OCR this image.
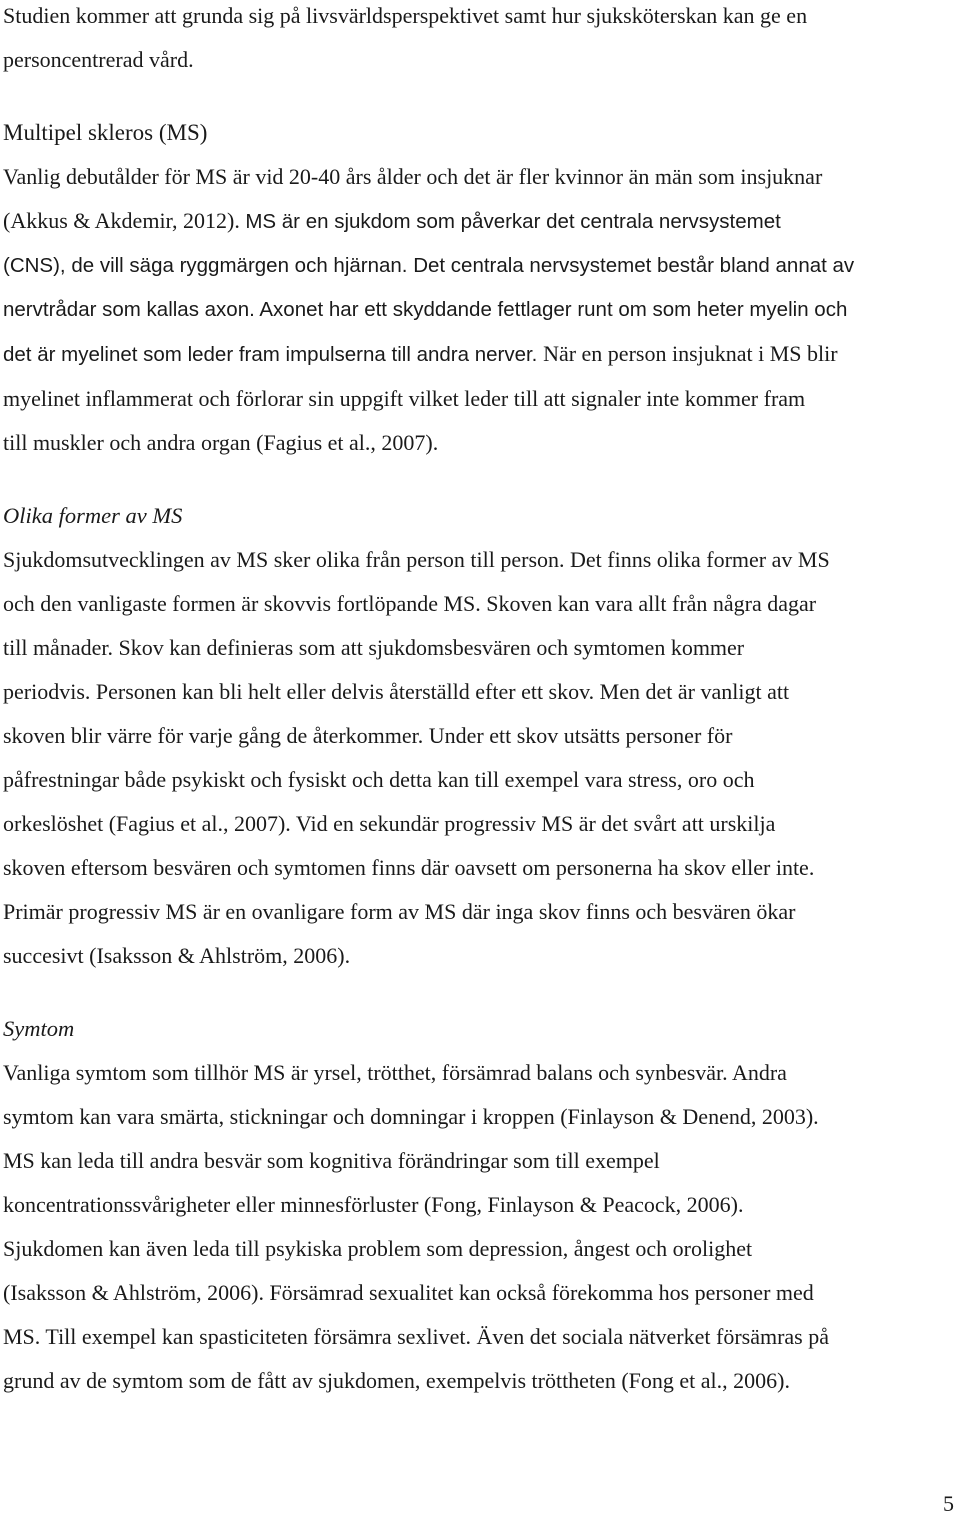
Studien kommer att grunda sig på livsvärldsperspektivet samt hur sjuksköterskan kan ge en
personcentrerad vård.
Multipel skleros (MS)
Vanlig debutålder för MS är vid 20-40 års ålder och det är fler kvinnor än män som insjuknar
(Akkus & Akdemir, 2012). MS är en sjukdom som påverkar det centrala nervsystemet
(CNS), de vill säga ryggmärgen och hjärnan. Det centrala nervsystemet består bland annat av
nervtrådar som kallas axon. Axonet har ett skyddande fettlager runt om som heter myelin och
det är myelinet som leder fram impulserna till andra nerver. När en person insjuknat i MS blir
myelinet inflammerat och förlorar sin uppgift vilket leder till att signaler inte kommer fram
till muskler och andra organ (Fagius et al., 2007).
Olika former av MS
Sjukdomsutvecklingen av MS sker olika från person till person. Det finns olika former av MS
och den vanligaste formen är skovvis fortlöpande MS. Skoven kan vara allt från några dagar
till månader. Skov kan definieras som att sjukdomsbesvären och symtomen kommer
periodvis. Personen kan bli helt eller delvis återställd efter ett skov. Men det är vanligt att
skoven blir värre för varje gång de återkommer. Under ett skov utsätts personer för
påfrestningar både psykiskt och fysiskt och detta kan till exempel vara stress, oro och
orkeslöshet (Fagius et al., 2007). Vid en sekundär progressiv MS är det svårt att urskilja
skoven eftersom besvären och symtomen finns där oavsett om personerna ha skov eller inte.
Primär progressiv MS är en ovanligare form av MS där inga skov finns och besvären ökar
succesivt (Isaksson & Ahlström, 2006).
Symtom
Vanliga symtom som tillhör MS är yrsel, trötthet, försämrad balans och synbesvär. Andra
symtom kan vara smärta, stickningar och domningar i kroppen (Finlayson & Denend, 2003).
MS kan leda till andra besvär som kognitiva förändringar som till exempel
koncentrationssvårigheter eller minnesförluster (Fong, Finlayson & Peacock, 2006).
Sjukdomen kan även leda till psykiska problem som depression, ångest och orolighet
(Isaksson & Ahlström, 2006). Försämrad sexualitet kan också förekomma hos personer med
MS. Till exempel kan spasticiteten försämra sexlivet. Även det sociala nätverket försämras på
grund av de symtom som de fått av sjukdomen, exempelvis tröttheten (Fong et al., 2006).
5
